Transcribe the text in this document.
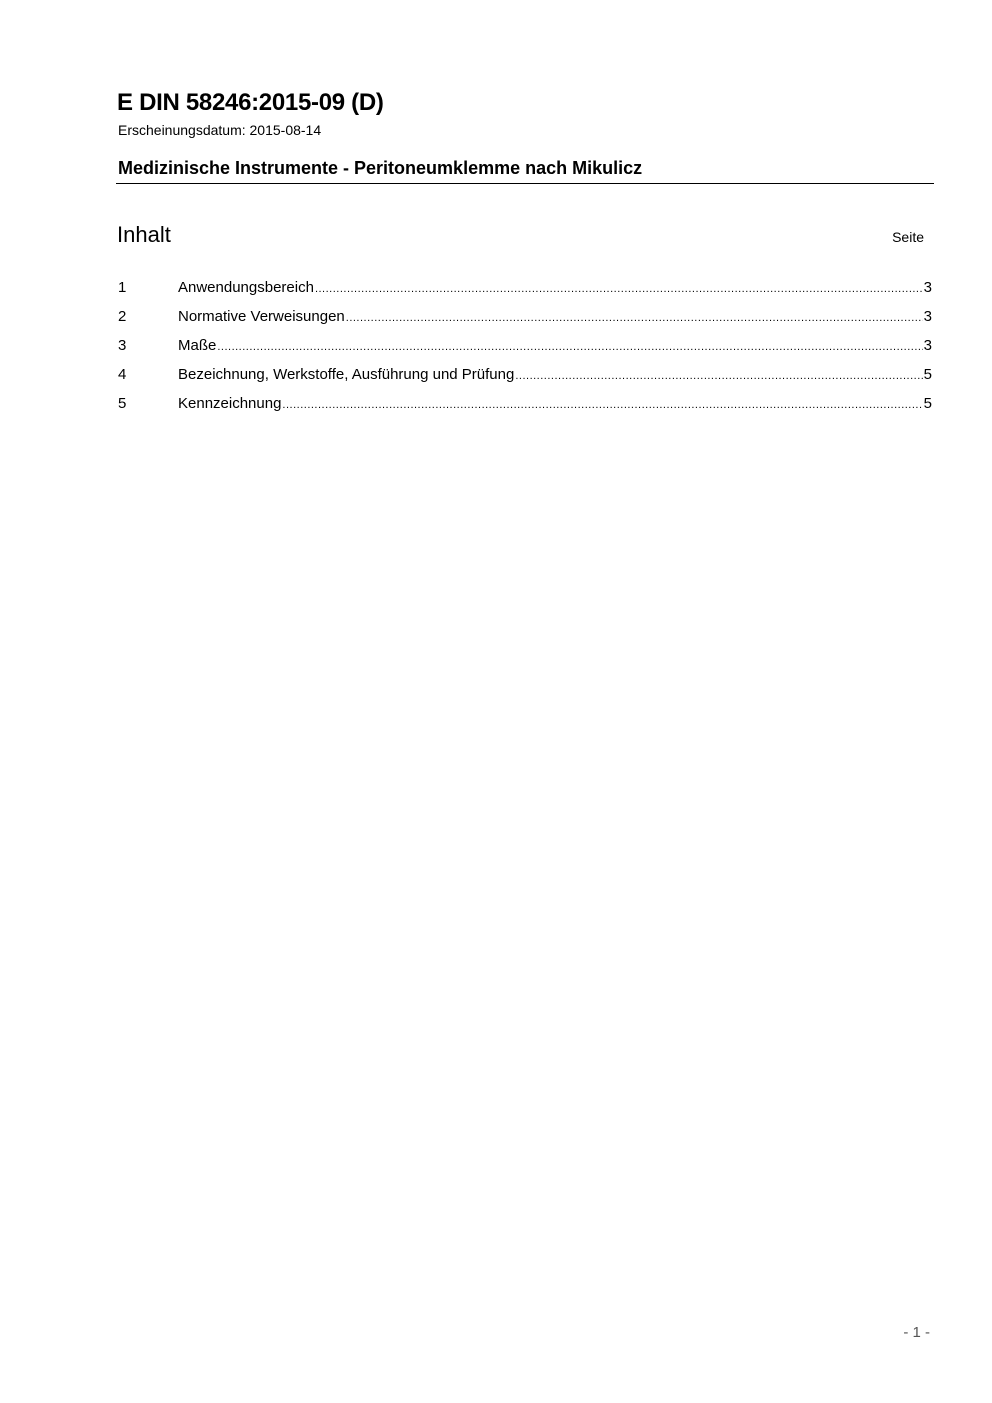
E DIN 58246:2015-09 (D)
Erscheinungsdatum: 2015-08-14
Medizinische Instrumente - Peritoneumklemme nach Mikulicz
Inhalt	Seite
1	Anwendungsbereich .....	3
2	Normative Verweisungen .....	3
3	Maße .....	3
4	Bezeichnung, Werkstoffe, Ausführung und Prüfung .....	5
5	Kennzeichnung .....	5
- 1 -
